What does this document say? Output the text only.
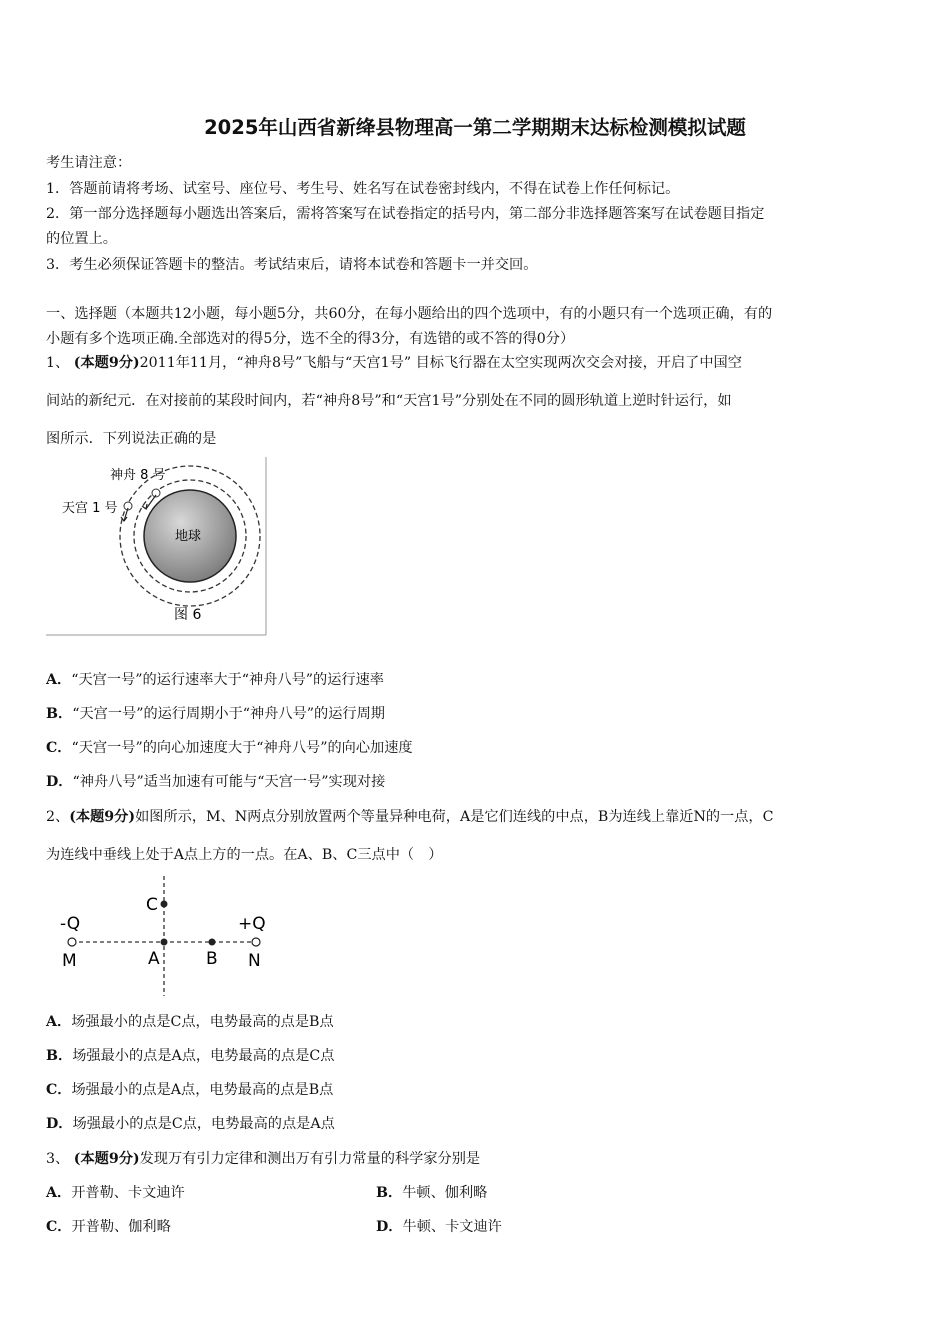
2025年山西省新绛县物理高一第二学期期末达标检测模拟试题
考生请注意：
1．答题前请将考场、试室号、座位号、考生号、姓名写在试卷密封线内，不得在试卷上作任何标记。
2．第一部分选择题每小题选出答案后，需将答案写在试卷指定的括号内，第二部分非选择题答案写在试卷题目指定
的位置上。
3．考生必须保证答题卡的整洁。考试结束后，请将本试卷和答题卡一并交回。
一、选择题（本题共12小题，每小题5分，共60分，在每小题给出的四个选项中，有的小题只有一个选项正确，有的
小题有多个选项正确.全部选对的得5分，选不全的得3分，有选错的或不答的得0分）
1、 (本题9分)2011年11月，“神舟8号”飞船与“天宫1号” 目标飞行器在太空实现两次交会对接，开启了中国空
间站的新纪元．在对接前的某段时间内，若“神舟8号”和“天宫1号”分别处在不同的圆形轨道上逆时针运行，如
图所示．下列说法正确的是
神舟 8 号
天宫 1 号
地球
图 6
A．“天宫一号”的运行速率大于“神舟八号”的运行速率
B．“天宫一号”的运行周期小于“神舟八号”的运行周期
C．“天宫一号”的向心加速度大于“神舟八号”的向心加速度
D．“神舟八号”适当加速有可能与“天宫一号”实现对接
2、(本题9分)如图所示，M、N两点分别放置两个等量异种电荷，A是它们连线的中点，B为连线上靠近N的一点，C
为连线中垂线上处于A点上方的一点。在A、B、C三点中（　）
-Q	+Q
M	A	B N
C
A．场强最小的点是C点，电势最高的点是B点
B．场强最小的点是A点，电势最高的点是C点
C．场强最小的点是A点，电势最高的点是B点
D．场强最小的点是C点，电势最高的点是A点
3、 (本题9分)发现万有引力定律和测出万有引力常量的科学家分别是
A．开普勒、卡文迪许	B．牛顿、伽利略
C．开普勒、伽利略	D．牛顿、卡文迪许
